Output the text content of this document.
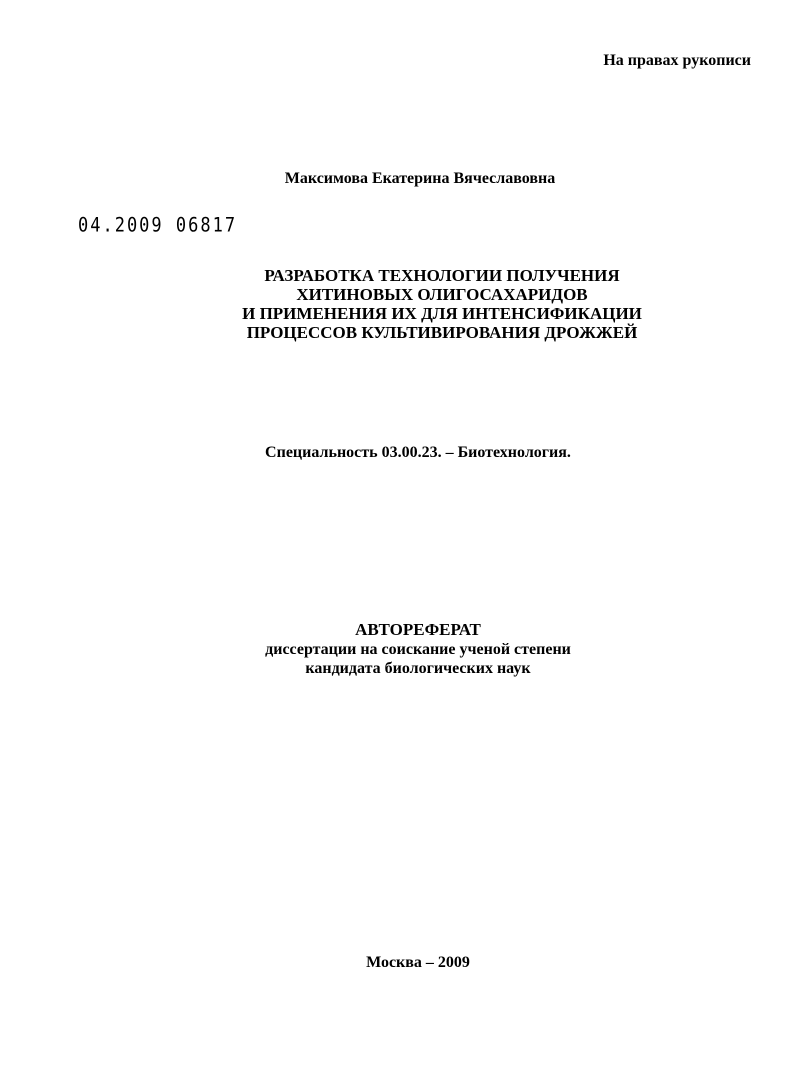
На правах рукописи
Максимова Екатерина Вячеславовна
04.2009 06817
РАЗРАБОТКА ТЕХНОЛОГИИ ПОЛУЧЕНИЯ
ХИТИНОВЫХ ОЛИГОСАХАРИДОВ
И ПРИМЕНЕНИЯ ИХ ДЛЯ ИНТЕНСИФИКАЦИИ
ПРОЦЕССОВ КУЛЬТИВИРОВАНИЯ ДРОЖЖЕЙ
Специальность 03.00.23. – Биотехнология.
АВТОРЕФЕРАТ
диссертации на соискание ученой степени
кандидата биологических наук
Москва – 2009
